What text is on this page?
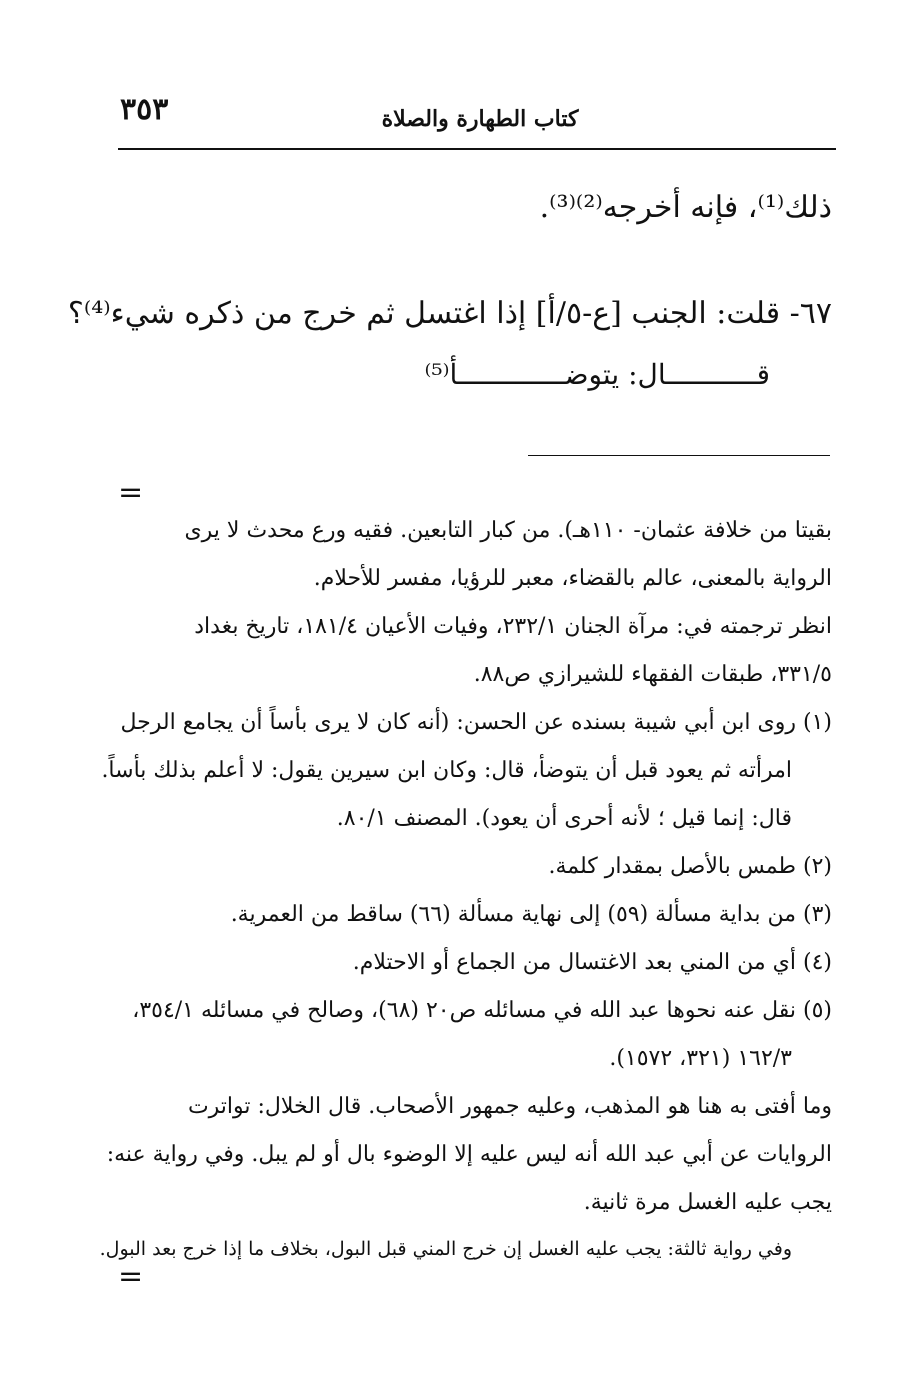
٣٥٣	كتاب الطهارة والصلاة
ذلك⁽¹⁾، فإنه أخرجه⁽²⁾⁽³⁾.
٦٧- قلت: الجنب [ع-٥/أ] إذا اغتسل ثم خرج من ذكره شيء⁽⁴⁾؟
قـــــــــــال: يتوضـــــــــــــأ⁽⁵⁾
=
بقيتا من خلافة عثمان- ١١٠هـ). من كبار التابعين. فقيه ورع محدث لا يرى
الرواية بالمعنى، عالم بالقضاء، معبر للرؤيا، مفسر للأحلام.
انظر ترجمته في: مرآة الجنان ٢٣٢/١، وفيات الأعيان ١٨١/٤، تاريخ بغداد
٣٣١/٥، طبقات الفقهاء للشيرازي ص٨٨.
(١) روى ابن أبي شيبة بسنده عن الحسن: (أنه كان لا يرى بأساً أن يجامع الرجل
امرأته ثم يعود قبل أن يتوضأ، قال: وكان ابن سيرين يقول: لا أعلم بذلك بأساً.
قال: إنما قيل ؛ لأنه أحرى أن يعود). المصنف ٨٠/١.
(٢) طمس بالأصل بمقدار كلمة.
(٣) من بداية مسألة (٥٩) إلى نهاية مسألة (٦٦) ساقط من العمرية.
(٤) أي من المني بعد الاغتسال من الجماع أو الاحتلام.
(٥) نقل عنه نحوها عبد الله في مسائله ص٢٠ (٦٨)، وصالح في مسائله ٣٥٤/١،
١٦٢/٣ (٣٢١، ١٥٧٢).
وما أفتى به هنا هو المذهب، وعليه جمهور الأصحاب. قال الخلال: تواترت
الروايات عن أبي عبد الله أنه ليس عليه إلا الوضوء بال أو لم يبل. وفي رواية عنه:
يجب عليه الغسل مرة ثانية.
وفي رواية ثالثة: يجب عليه الغسل إن خرج المني قبل البول، بخلاف ما إذا خرج بعد البول.
=
